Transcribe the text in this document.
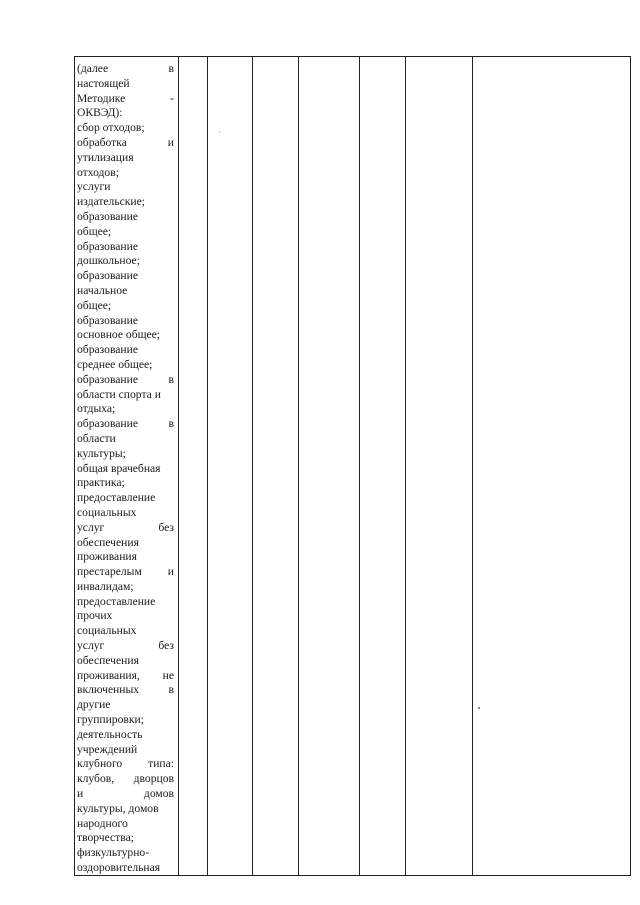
(далее в
настоящей
Методике -
ОКВЭД):
сбор отходов;
обработка и
утилизация
отходов;
услуги
издательские;
образование
общее;
образование
дошкольное;
образование
начальное
общее;
образование
основное общее;
образование
среднее общее;
образование в
области спорта и
отдыха;
образование в
области
культуры;
общая врачебная
практика;
предоставление
социальных
услуг без
обеспечения
проживания
престарелым и
инвалидам;
предоставление
прочих
социальных
услуг без
обеспечения
проживания, не
включенных в
другие
группировки;
деятельность
учреждений
клубного типа:
клубов, дворцов
и домов
культуры, домов
народного
творчества;
физкультурно-
оздоровительная
